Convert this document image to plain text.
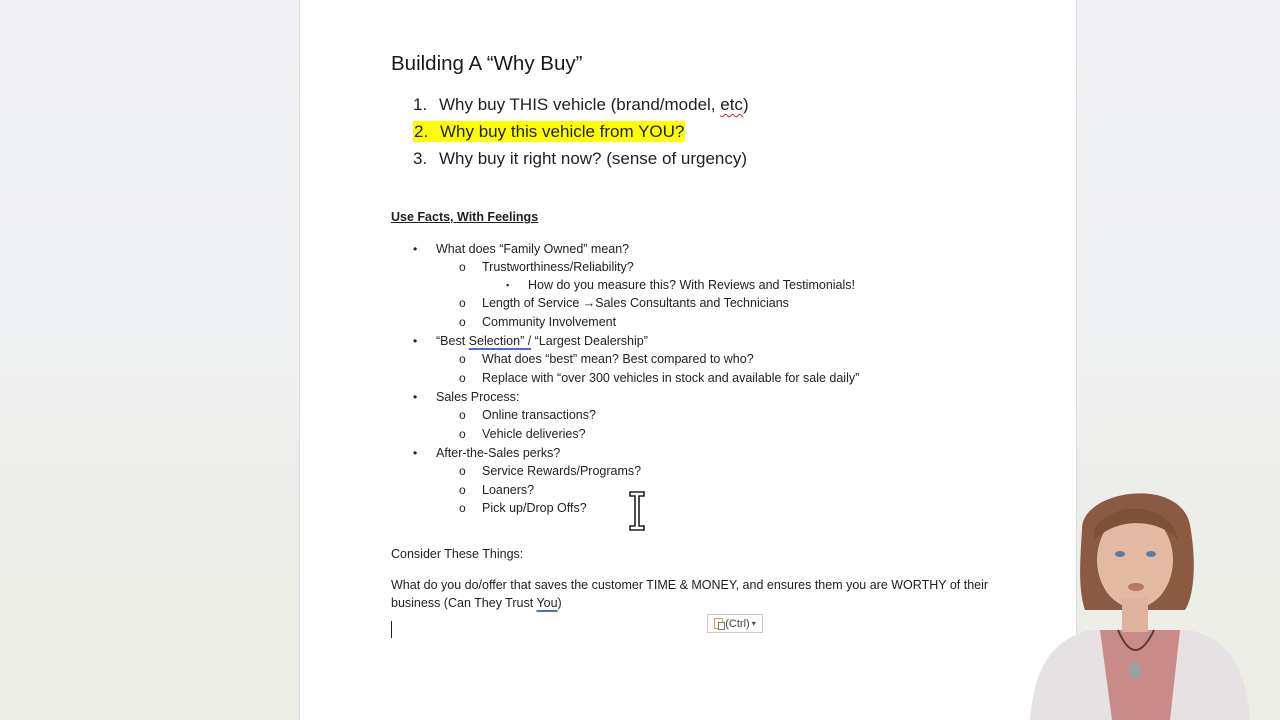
Building A “Why Buy”
1. Why buy THIS vehicle (brand/model, etc)
2. Why buy this vehicle from YOU?
3. Why buy it right now? (sense of urgency)
Use Facts, With Feelings
• What does “Family Owned” mean?
o Trustworthiness/Reliability?
▪ How do you measure this? With Reviews and Testimonials!
o Length of Service →Sales Consultants and Technicians
o Community Involvement
• “Best Selection” / “Largest Dealership”
o What does “best” mean? Best compared to who?
o Replace with “over 300 vehicles in stock and available for sale daily”
• Sales Process:
o Online transactions?
o Vehicle deliveries?
• After-the-Sales perks?
o Service Rewards/Programs?
o Loaners?
o Pick up/Drop Offs?
Consider These Things:
What do you do/offer that saves the customer TIME & MONEY, and ensures them you are WORTHY of their business (Can They Trust You)
(Ctrl) ▾
